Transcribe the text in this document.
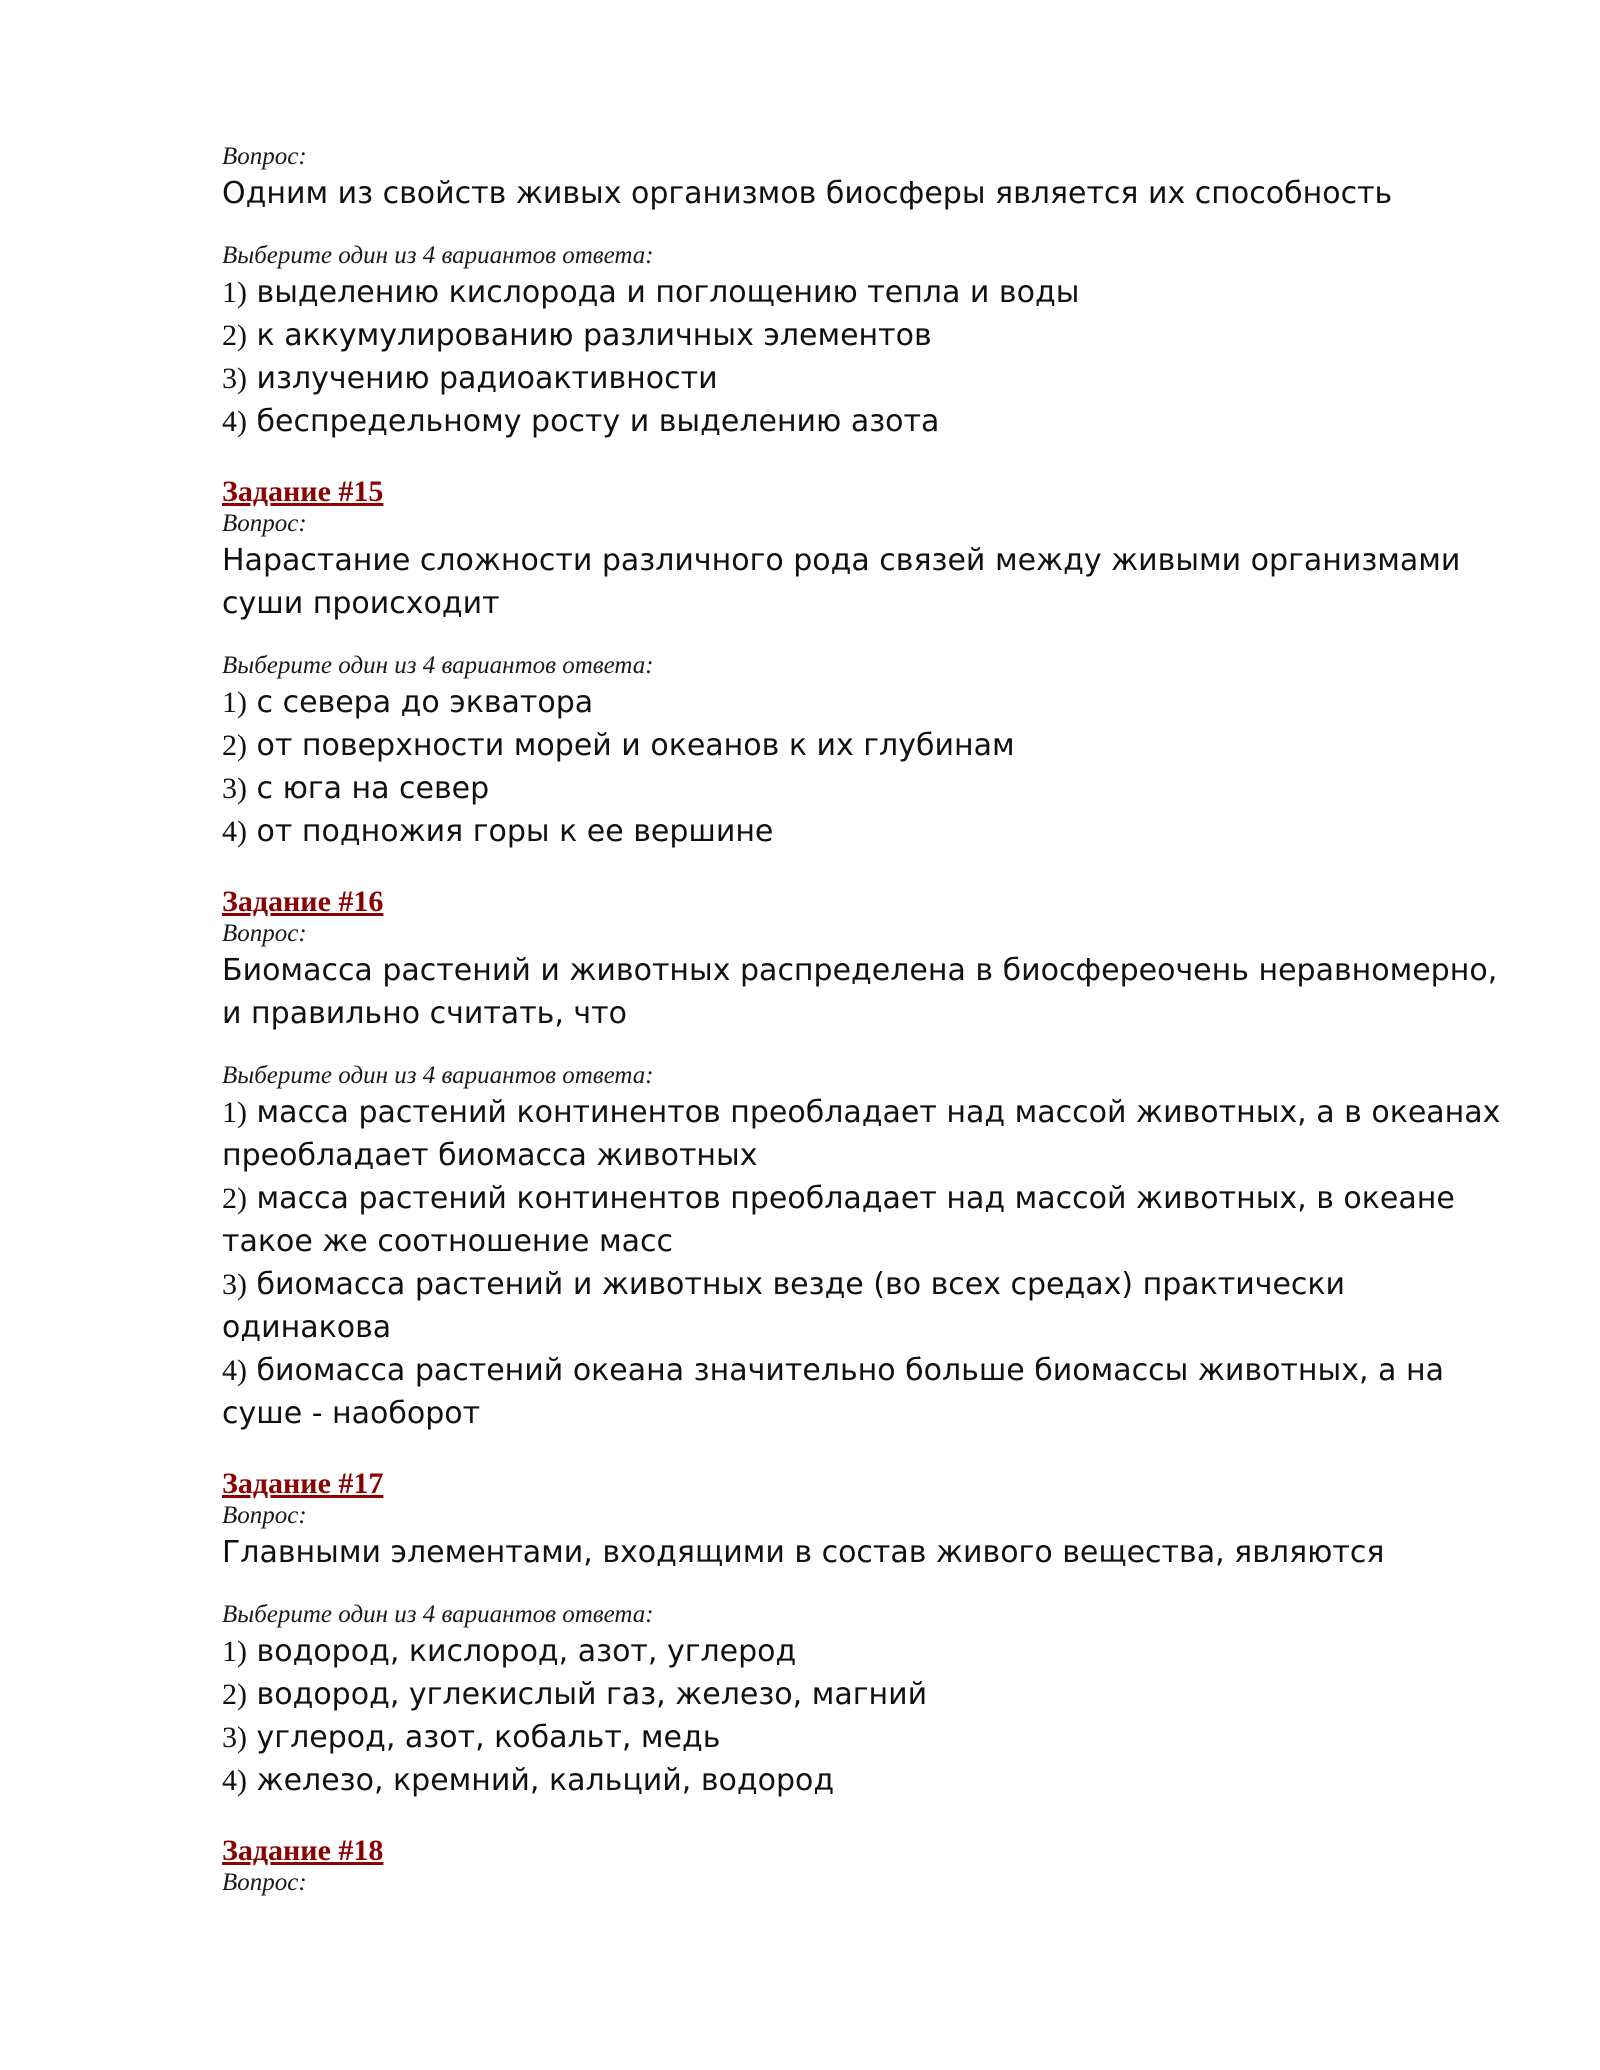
Вопрос:

Одним из свойств живых организмов биосферы является их способность

Выберите один из 4 вариантов ответа:

1) выделению кислорода и поглощению тепла и воды

2) к аккумулированию различных элементов

3) излучению радиоактивности

4) беспредельному росту и выделению азота

Задание #15

Вопрос:

Нарастание сложности различного рода связей между живыми организмами суши происходит

Выберите один из 4 вариантов ответа:

1) с севера до экватора

2) от поверхности морей и океанов к их глубинам

3) с юга на север

4) от подножия горы к ее вершине

Задание #16

Вопрос:

Биомасса растений и животных распределена в биосфереочень неравномерно, и правильно считать, что

Выберите один из 4 вариантов ответа:

1) масса растений континентов преобладает над массой животных, а в океанах преобладает биомасса животных

2) масса растений континентов преобладает над массой животных, в океане такое же соотношение масс

3) биомасса растений и животных везде (во всех средах) практически одинакова

4) биомасса растений океана значительно больше биомассы животных, а на суше - наоборот

Задание #17

Вопрос:

Главными элементами, входящими в состав живого вещества, являются

Выберите один из 4 вариантов ответа:

1) водород, кислород, азот, углерод

2) водород, углекислый газ, железо, магний

3) углерод, азот, кобальт, медь

4) железо, кремний, кальций, водород

Задание #18

Вопрос:
